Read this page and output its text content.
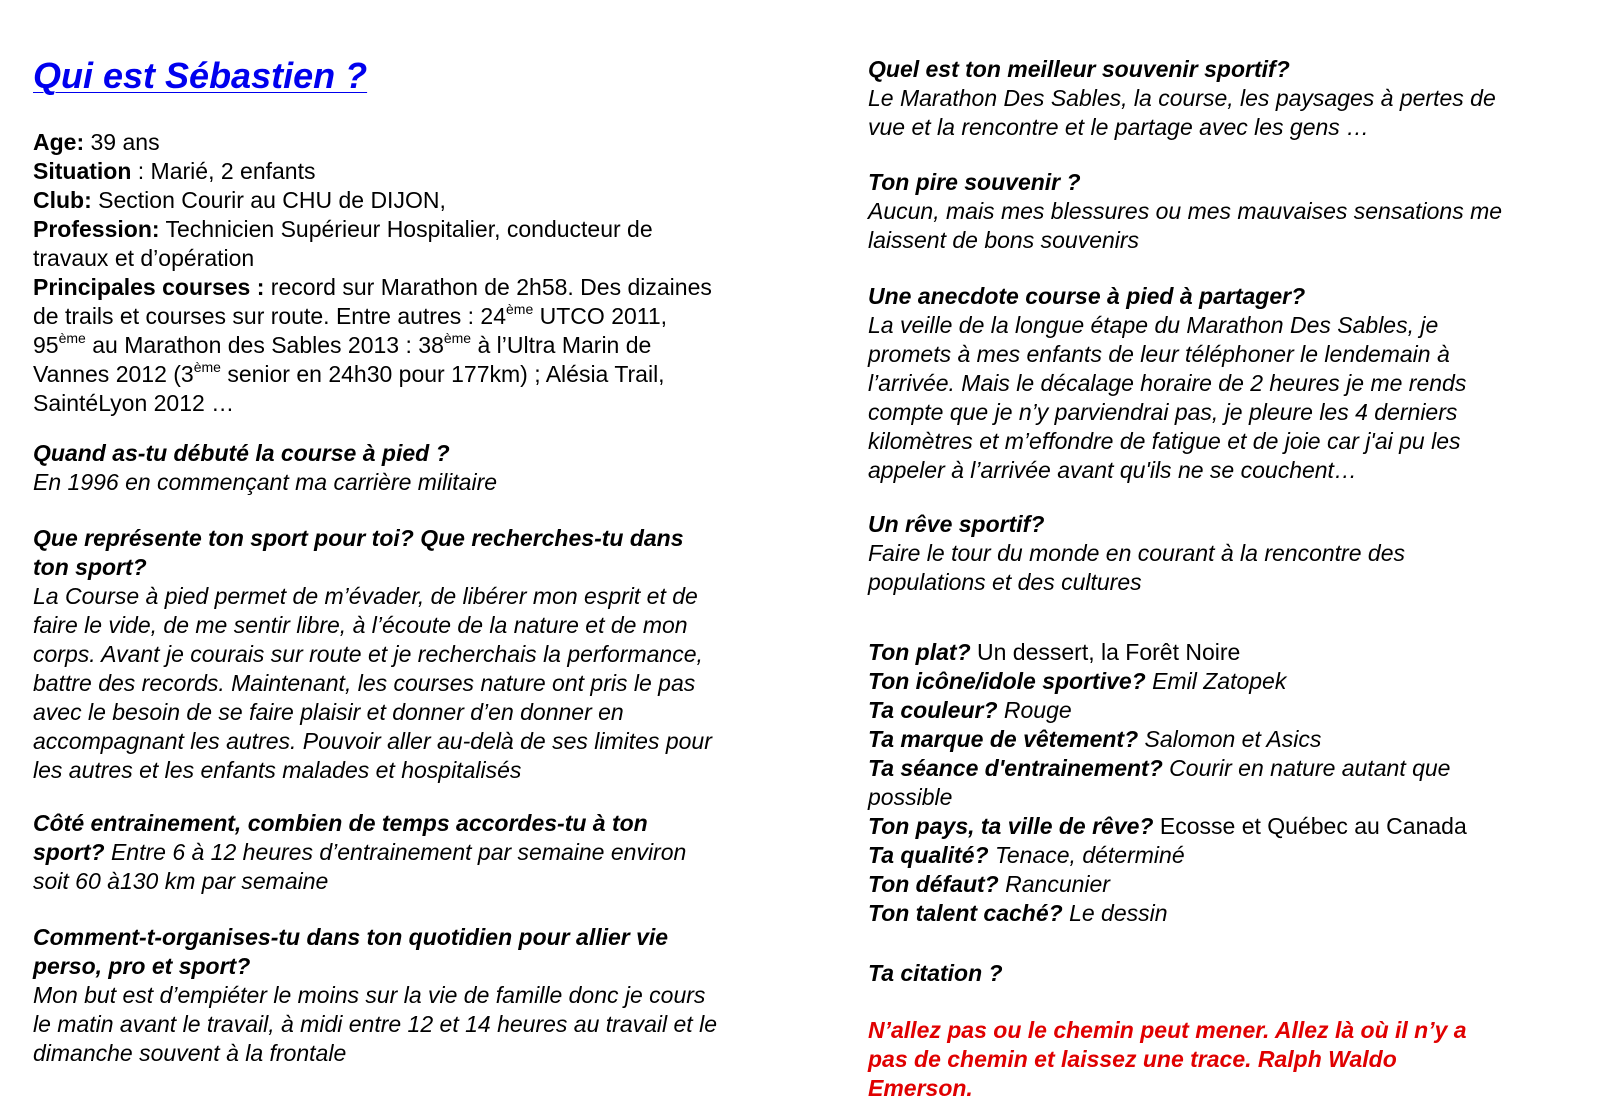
Qui est Sébastien ?
Age: 39 ans
Situation : Marié, 2 enfants
Club: Section Courir au CHU de DIJON,
Profession: Technicien Supérieur Hospitalier, conducteur de
travaux et d’opération
Principales courses : record sur Marathon de 2h58. Des dizaines
de trails et courses sur route. Entre autres : 24ème UTCO 2011,
95ème au Marathon des Sables 2013 : 38ème à l’Ultra Marin de
Vannes 2012 (3ème senior en 24h30 pour 177km) ; Alésia Trail,
SaintéLyon 2012 …
Quand as-tu débuté la course à pied ?
En 1996 en commençant ma carrière militaire
Que représente ton sport pour toi? Que recherches-tu dans
ton sport?
La Course à pied permet de m’évader, de libérer mon esprit et de
faire le vide, de me sentir libre, à l’écoute de la nature et de mon
corps. Avant je courais sur route et je recherchais la performance,
battre des records. Maintenant, les courses nature ont pris le pas
avec le besoin de se faire plaisir et donner d’en donner en
accompagnant les autres. Pouvoir aller au-delà de ses limites pour
les autres et les enfants malades et hospitalisés
Côté entrainement, combien de temps accordes-tu à ton
sport? Entre 6 à 12 heures d’entrainement par semaine environ
soit 60 à130 km par semaine
Comment-t-organises-tu dans ton quotidien pour allier vie
perso, pro et sport?
Mon but est d’empiéter le moins sur la vie de famille donc je cours
le matin avant le travail, à midi entre 12 et 14 heures au travail et le
dimanche souvent à la frontale
Quel est ton meilleur souvenir sportif?
Le Marathon Des Sables, la course, les paysages à pertes de
vue et la rencontre et le partage avec les gens …
Ton pire souvenir ?
Aucun, mais mes blessures ou mes mauvaises sensations me
laissent de bons souvenirs
Une anecdote course à pied à partager?
La veille de la longue étape du Marathon Des Sables, je
promets à mes enfants de leur téléphoner le lendemain à
l’arrivée. Mais le décalage horaire de 2 heures je me rends
compte que je n’y parviendrai pas, je pleure les 4 derniers
kilomètres et m’effondre de fatigue et de joie car j'ai pu les
appeler à l’arrivée avant qu'ils ne se couchent…
Un rêve sportif?
Faire le tour du monde en courant à la rencontre des
populations et des cultures
Ton plat? Un dessert, la Forêt Noire
Ton icône/idole sportive? Emil Zatopek
Ta couleur? Rouge
Ta marque de vêtement? Salomon et Asics
Ta séance d'entrainement? Courir en nature autant que
possible
Ton pays, ta ville de rêve? Ecosse et Québec au Canada
Ta qualité? Tenace, déterminé
Ton défaut? Rancunier
Ton talent caché? Le dessin
Ta citation ?
N’allez pas ou le chemin peut mener. Allez là où il n’y a
pas de chemin et laissez une trace. Ralph Waldo
Emerson.
